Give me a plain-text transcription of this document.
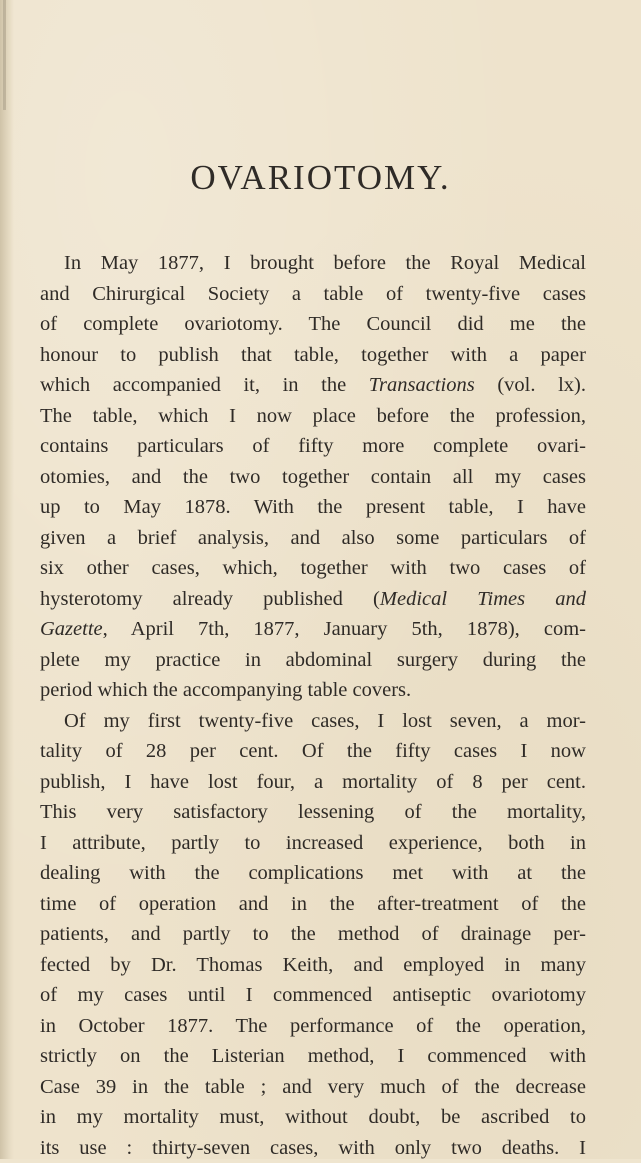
OVARIOTOMY.
In May 1877, I brought before the Royal Medical
and Chirurgical Society a table of twenty-five cases
of complete ovariotomy. The Council did me the
honour to publish that table, together with a paper
which accompanied it, in the Transactions (vol. lx).
The table, which I now place before the profession,
contains particulars of fifty more complete ovari-
otomies, and the two together contain all my cases
up to May 1878. With the present table, I have
given a brief analysis, and also some particulars of
six other cases, which, together with two cases of
hysterotomy already published (Medical Times and
Gazette, April 7th, 1877, January 5th, 1878), com-
plete my practice in abdominal surgery during the
period which the accompanying table covers.
Of my first twenty-five cases, I lost seven, a mor-
tality of 28 per cent. Of the fifty cases I now
publish, I have lost four, a mortality of 8 per cent.
This very satisfactory lessening of the mortality,
I attribute, partly to increased experience, both in
dealing with the complications met with at the
time of operation and in the after-treatment of the
patients, and partly to the method of drainage per-
fected by Dr. Thomas Keith, and employed in many
of my cases until I commenced antiseptic ovariotomy
in October 1877. The performance of the operation,
strictly on the Listerian method, I commenced with
Case 39 in the table ; and very much of the decrease
in my mortality must, without doubt, be ascribed to
its use : thirty-seven cases, with only two deaths. I
